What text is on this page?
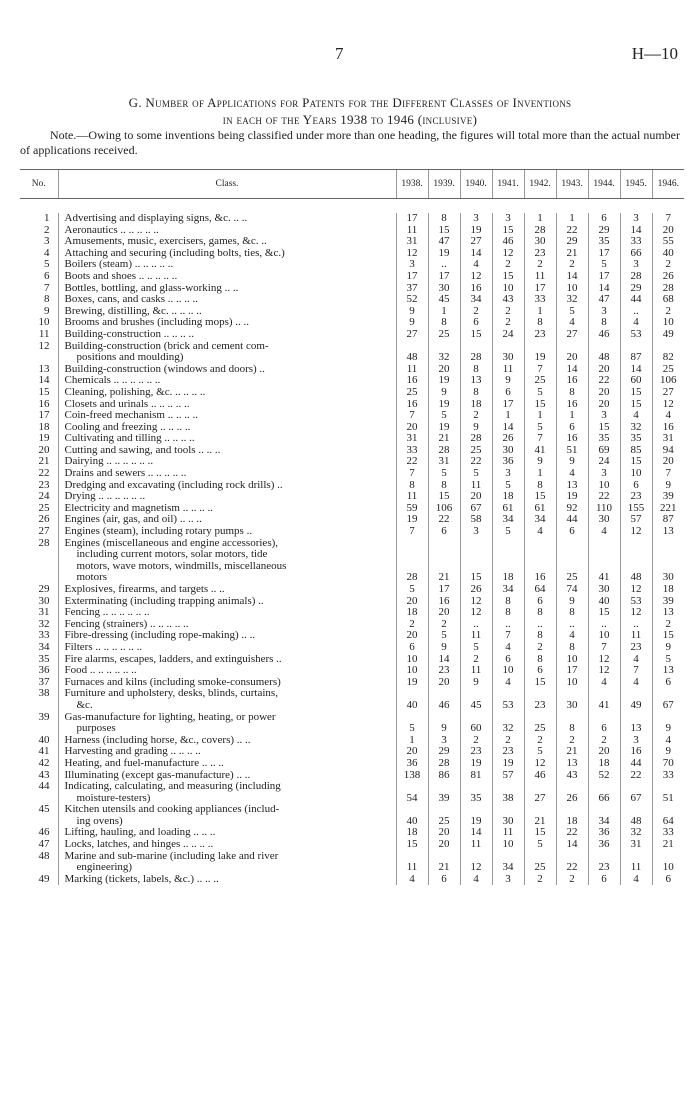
7	H—10
G. Number of Applications for Patents for the Different Classes of Inventions
in each of the Years 1938 to 1946 (inclusive)
Note.—Owing to some inventions being classified under more than one heading, the figures will total more than the actual number of applications received.
No.	Class.	1938.	1939.	1940.	1941.	1942.	1943.	1944.	1945.	1946.

1	Advertising and displaying signs, &c. .. ..	17	8	3	3	1	1	6	3	7
2	Aeronautics .. .. .. .. ..	11	15	19	15	28	22	29	14	20
3	Amusements, music, exercisers, games, &c. ..	31	47	27	46	30	29	35	33	55
4	Attaching and securing (including bolts, ties, &c.)	12	19	14	12	23	21	17	66	40
5	Boilers (steam) .. .. .. .. ..	3	..	4	2	2	2	5	3	2
6	Boots and shoes .. .. .. .. ..	17	17	12	15	11	14	17	28	26
7	Bottles, bottling, and glass-working .. ..	37	30	16	10	17	10	14	29	28
8	Boxes, cans, and casks .. .. .. ..	52	45	34	43	33	32	47	44	68
9	Brewing, distilling, &c. .. .. .. ..	9	1	2	2	1	5	3	..	2
10	Brooms and brushes (including mops) .. ..	9	8	6	2	8	4	8	4	10
11	Building-construction .. .. .. ..	27	25	15	24	23	27	46	53	49
12	Building-construction (brick and cement com-
positions and moulding)	48	32	28	30	19	20	48	87	82
13	Building-construction (windows and doors) ..	11	20	8	11	7	14	20	14	25
14	Chemicals .. .. .. .. .. ..	16	19	13	9	25	16	22	60	106
15	Cleaning, polishing, &c. .. .. .. ..	25	9	8	6	5	8	20	15	27
16	Closets and urinals .. .. .. .. ..	16	19	18	17	15	16	20	15	12
17	Coin-freed mechanism .. .. .. ..	7	5	2	1	1	1	3	4	4
18	Cooling and freezing .. .. .. ..	20	19	9	14	5	6	15	32	16
19	Cultivating and tilling .. .. .. ..	31	21	28	26	7	16	35	35	31
20	Cutting and sawing, and tools .. .. ..	33	28	25	30	41	51	69	85	94
21	Dairying .. .. .. .. .. ..	22	31	22	36	9	9	24	15	20
22	Drains and sewers .. .. .. .. ..	7	5	5	3	1	4	3	10	7
23	Dredging and excavating (including rock drills) ..	8	8	11	5	8	13	10	6	9
24	Drying .. .. .. .. .. ..	11	15	20	18	15	19	22	23	39
25	Electricity and magnetism .. .. .. ..	59	106	67	61	61	92	110	155	221
26	Engines (air, gas, and oil) .. .. ..	19	22	58	34	34	44	30	57	87
27	Engines (steam), including rotary pumps ..	7	6	3	5	4	6	4	12	13
28	Engines (miscellaneous and engine accessories),
including current motors, solar motors, tide
motors, wave motors, windmills, miscellaneous
motors	28	21	15	18	16	25	41	48	30
29	Explosives, firearms, and targets .. ..	5	17	26	34	64	74	30	12	18
30	Exterminating (including trapping animals) ..	20	16	12	8	6	9	40	53	39
31	Fencing .. .. .. .. .. ..	18	20	12	8	8	8	15	12	13
32	Fencing (strainers) .. .. .. .. ..	2	2	..	..	..	..	..	..	2
33	Fibre-dressing (including rope-making) .. ..	20	5	11	7	8	4	10	11	15
34	Filters .. .. .. .. .. ..	6	9	5	4	2	8	7	23	9
35	Fire alarms, escapes, ladders, and extinguishers ..	10	14	2	6	8	10	12	4	5
36	Food .. .. .. .. .. ..	10	23	11	10	6	17	12	7	13
37	Furnaces and kilns (including smoke-consumers)	19	20	9	4	15	10	4	4	6
38	Furniture and upholstery, desks, blinds, curtains,
&c.	40	46	45	53	23	30	41	49	67
39	Gas-manufacture for lighting, heating, or power
purposes	5	9	60	32	25	8	6	13	9
40	Harness (including horse, &c., covers) .. ..	1	3	2	2	2	2	2	3	4
41	Harvesting and grading .. .. .. ..	20	29	23	23	5	21	20	16	9
42	Heating, and fuel-manufacture .. .. ..	36	28	19	19	12	13	18	44	70
43	Illuminating (except gas-manufacture) .. ..	138	86	81	57	46	43	52	22	33
44	Indicating, calculating, and measuring (including
moisture-testers)	54	39	35	38	27	26	66	67	51
45	Kitchen utensils and cooking appliances (includ-
ing ovens)	40	25	19	30	21	18	34	48	64
46	Lifting, hauling, and loading .. .. ..	18	20	14	11	15	22	36	32	33
47	Locks, latches, and hinges .. .. .. ..	15	20	11	10	5	14	36	31	21
48	Marine and sub-marine (including lake and river
engineering)	11	21	12	34	25	22	23	11	10
49	Marking (tickets, labels, &c.) .. .. ..	4	6	4	3	2	2	6	4	6
